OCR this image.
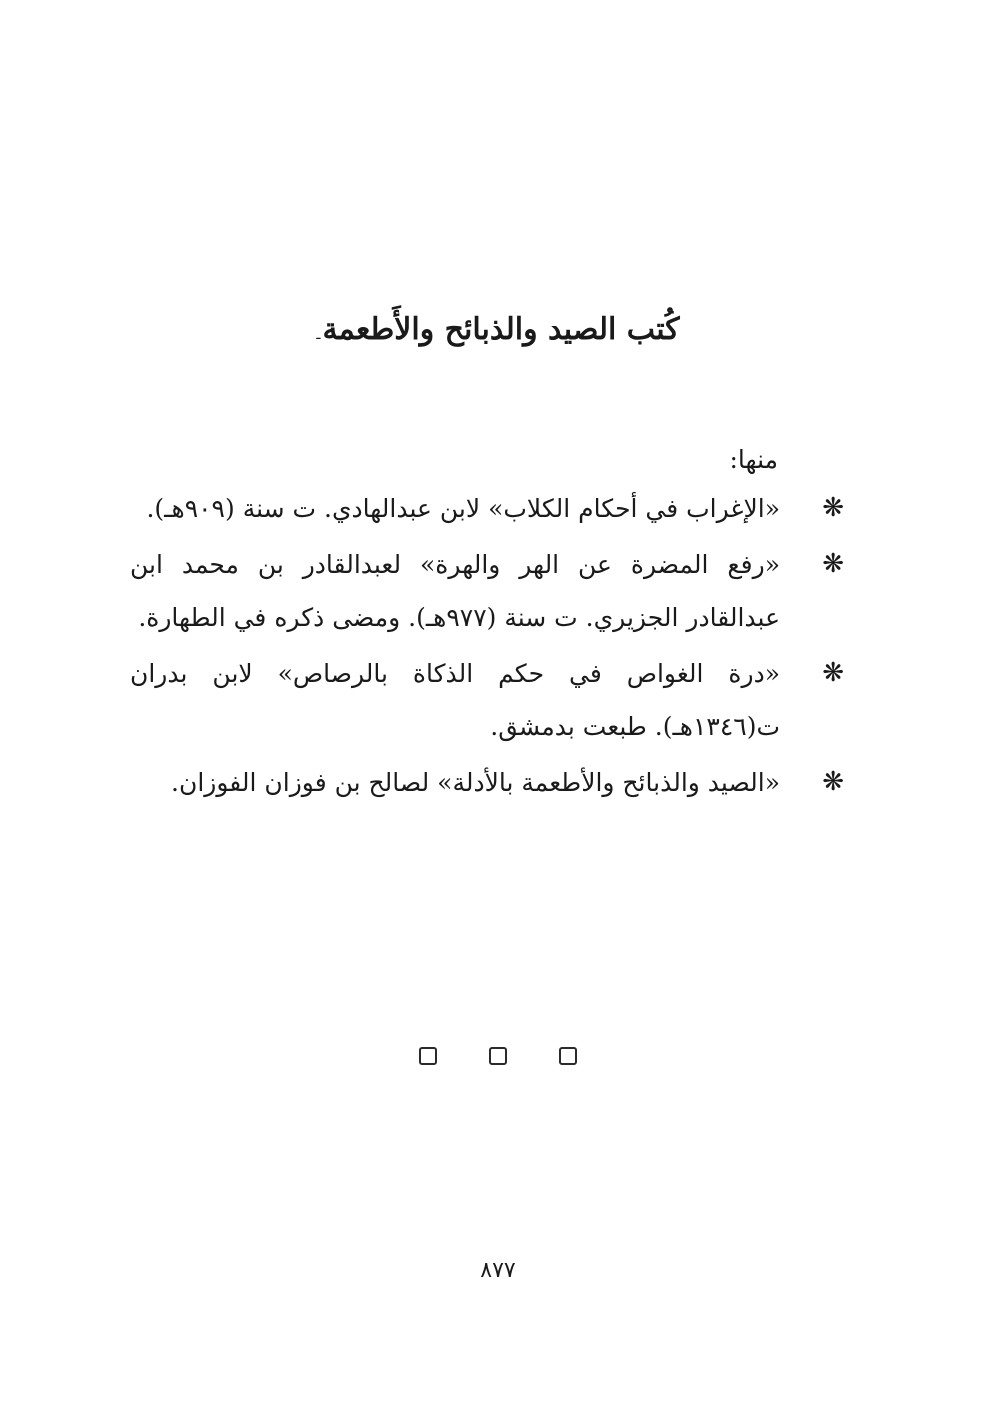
كُتب الصيد والذبائح والأَطعمةـ
منها:
❋
«الإغراب في أحكام الكلاب» لابن عبدالهادي. ت سنة (٩٠٩هـ).
❋
«رفع المضرة عن الهر والهرة» لعبدالقادر بن محمد ابن عبدالقادر الجزيري. ت سنة (٩٧٧هـ). ومضى ذكره في الطهارة.
❋
«درة الغواص في حكم الذكاة بالرصاص» لابن بدران ت(١٣٤٦هـ). طبعت بدمشق.
❋
«الصيد والذبائح والأطعمة بالأدلة» لصالح بن فوزان الفوزان.
٨٧٧
